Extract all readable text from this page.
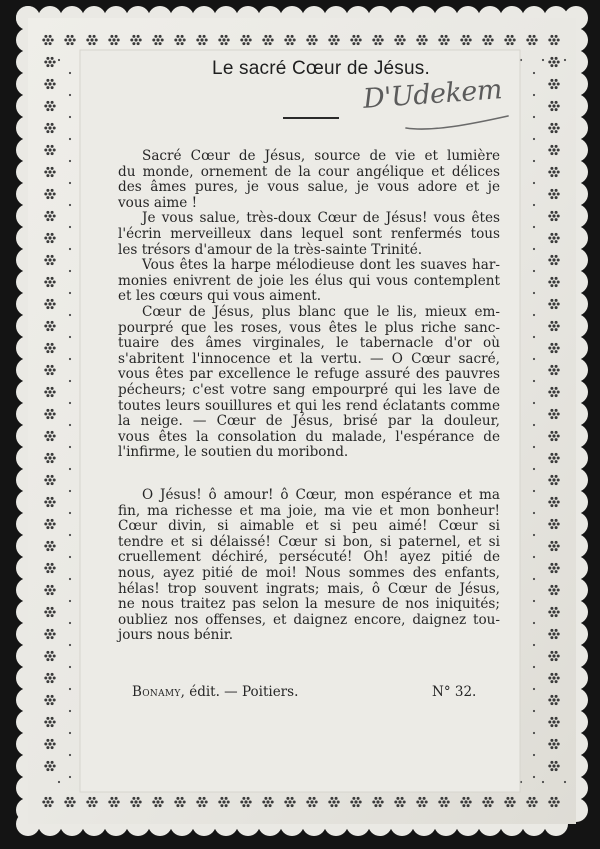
Le sacré Cœur de Jésus.
D'Udekem
Sacré Cœur de Jésus, source de vie et lumière
du monde, ornement de la cour angélique et délices
des âmes pures, je vous salue, je vous adore et je
vous aime !
Je vous salue, très-doux Cœur de Jésus! vous êtes
l'écrin merveilleux dans lequel sont renfermés tous
les trésors d'amour de la très-sainte Trinité.
Vous êtes la harpe mélodieuse dont les suaves har-
monies enivrent de joie les élus qui vous contemplent
et les cœurs qui vous aiment.
Cœur de Jésus, plus blanc que le lis, mieux em-
pourpré que les roses, vous êtes le plus riche sanc-
tuaire des âmes virginales, le tabernacle d'or où
s'abritent l'innocence et la vertu. — O Cœur sacré,
vous êtes par excellence le refuge assuré des pauvres
pécheurs; c'est votre sang empourpré qui les lave de
toutes leurs souillures et qui les rend éclatants comme
la neige. — Cœur de Jésus, brisé par la douleur,
vous êtes la consolation du malade, l'espérance de
l'infirme, le soutien du moribond.
O Jésus! ô amour! ô Cœur, mon espérance et ma
fin, ma richesse et ma joie, ma vie et mon bonheur!
Cœur divin, si aimable et si peu aimé! Cœur si
tendre et si délaissé! Cœur si bon, si paternel, et si
cruellement déchiré, persécuté! Oh! ayez pitié de
nous, ayez pitié de moi! Nous sommes des enfants,
hélas! trop souvent ingrats; mais, ô Cœur de Jésus,
ne nous traitez pas selon la mesure de nos iniquités;
oubliez nos offenses, et daignez encore, daignez tou-
jours nous bénir.
Bonamy, édit. — Poitiers.	N° 32.
